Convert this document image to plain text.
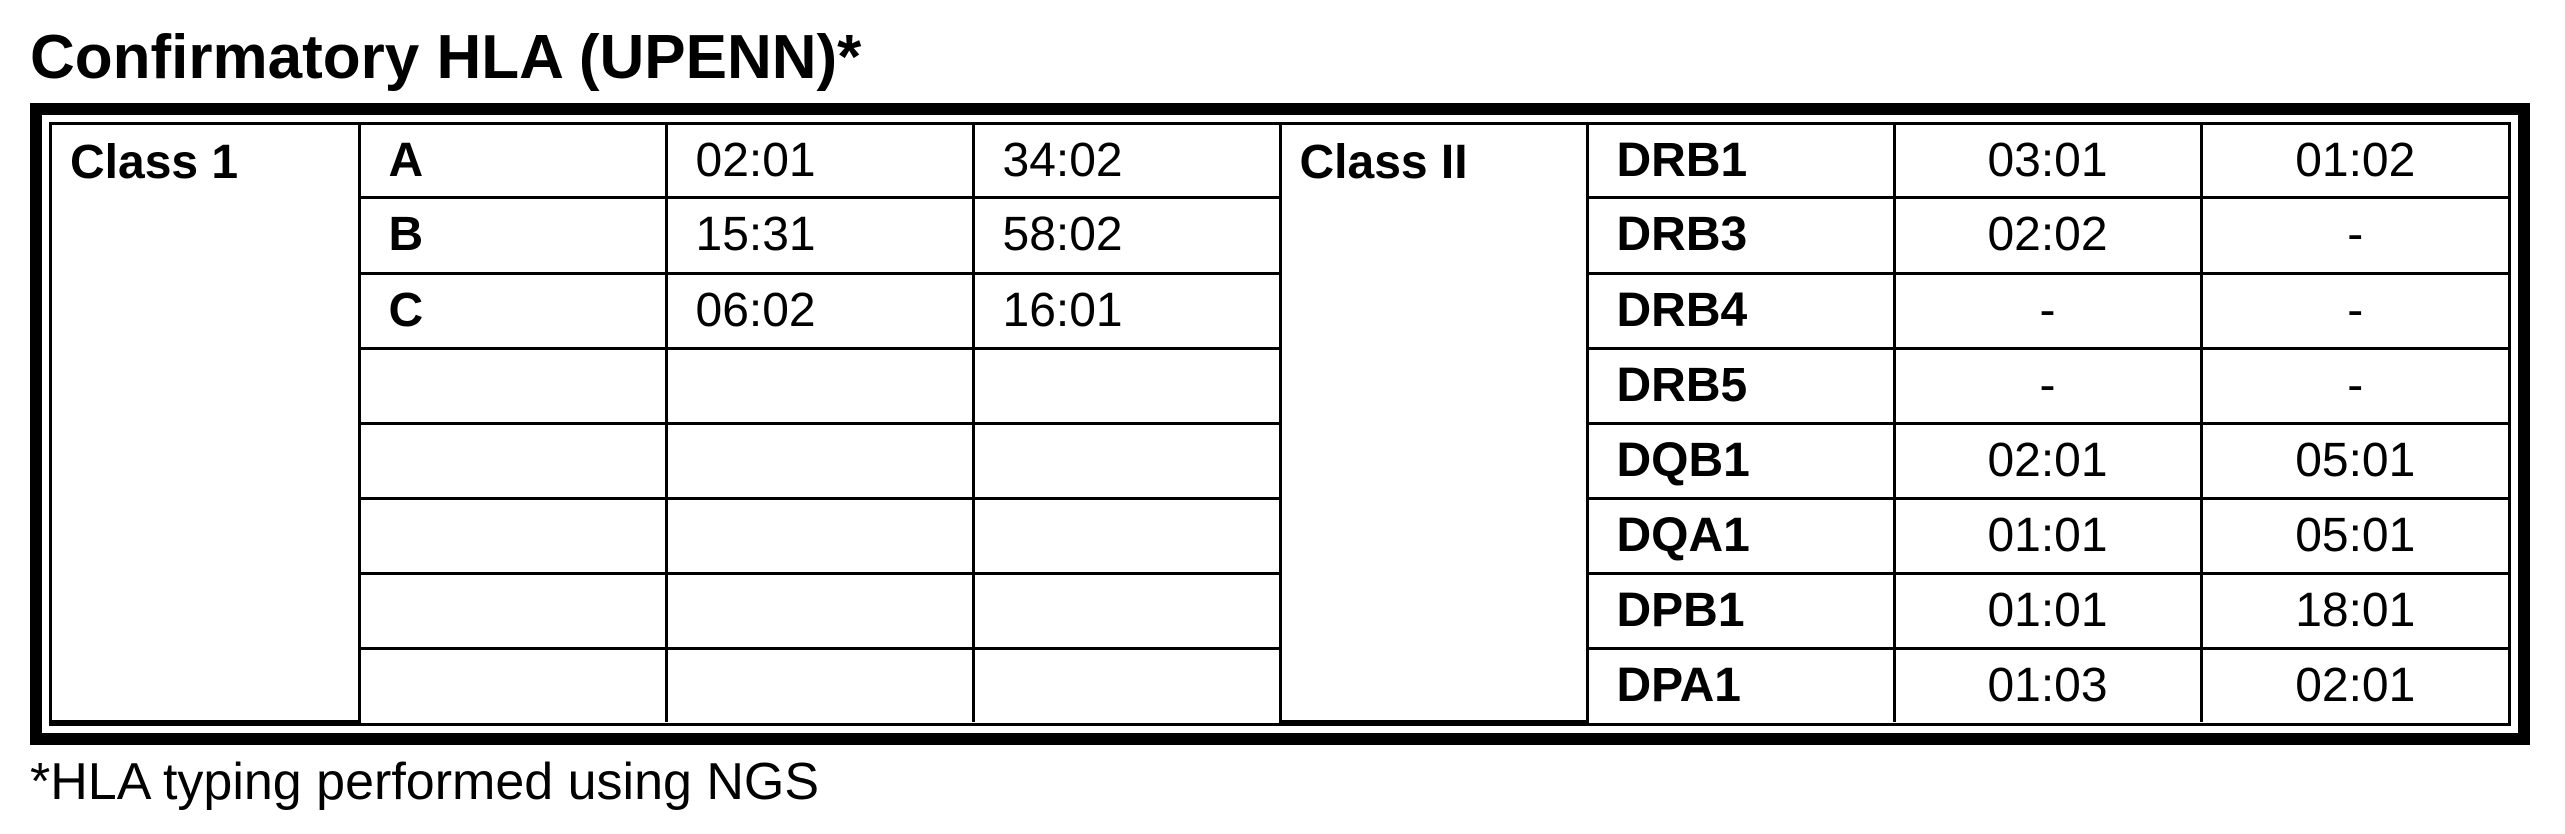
Confirmatory HLA (UPENN)*
Class 1	A	02:01	34:02	Class II	DRB1	03:01	01:02
	B	15:31	58:02		DRB3	02:02	-
	C	06:02	16:01		DRB4	-	-
					DRB5	-	-
					DQB1	02:01	05:01
					DQA1	01:01	05:01
					DPB1	01:01	18:01
					DPA1	01:03	02:01
*HLA typing performed using NGS
